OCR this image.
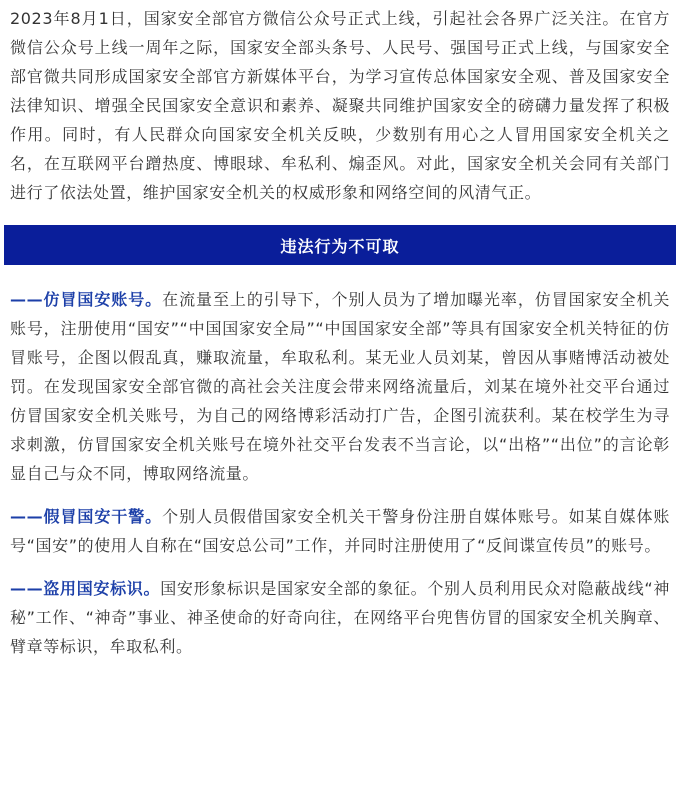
2023年8月1日，国家安全部官方微信公众号正式上线，引起社会各界广泛关注。在官方微信公众号上线一周年之际，国家安全部头条号、人民号、强国号正式上线，与国家安全部官微共同形成国家安全部官方新媒体平台，为学习宣传总体国家安全观、普及国家安全法律知识、增强全民国家安全意识和素养、凝聚共同维护国家安全的磅礴力量发挥了积极作用。同时，有人民群众向国家安全机关反映，少数别有用心之人冒用国家安全机关之名，在互联网平台蹭热度、博眼球、牟私利、煽歪风。对此，国家安全机关会同有关部门进行了依法处置，维护国家安全机关的权威形象和网络空间的风清气正。

违法行为不可取

——仿冒国安账号。在流量至上的引导下，个别人员为了增加曝光率，仿冒国家安全机关账号，注册使用“国安”“中国国家安全局”“中国国家安全部”等具有国家安全机关特征的仿冒账号，企图以假乱真，赚取流量，牟取私利。某无业人员刘某，曾因从事赌博活动被处罚。在发现国家安全部官微的高社会关注度会带来网络流量后，刘某在境外社交平台通过仿冒国家安全机关账号，为自己的网络博彩活动打广告，企图引流获利。某在校学生为寻求刺激，仿冒国家安全机关账号在境外社交平台发表不当言论，以“出格”“出位”的言论彰显自己与众不同，博取网络流量。

——假冒国安干警。个别人员假借国家安全机关干警身份注册自媒体账号。如某自媒体账号“国安”的使用人自称在“国安总公司”工作，并同时注册使用了“反间谍宣传员”的账号。

——盗用国安标识。国安形象标识是国家安全部的象征。个别人员利用民众对隐蔽战线“神秘”工作、“神奇”事业、神圣使命的好奇向往，在网络平台兜售仿冒的国家安全机关胸章、臂章等标识，牟取私利。
